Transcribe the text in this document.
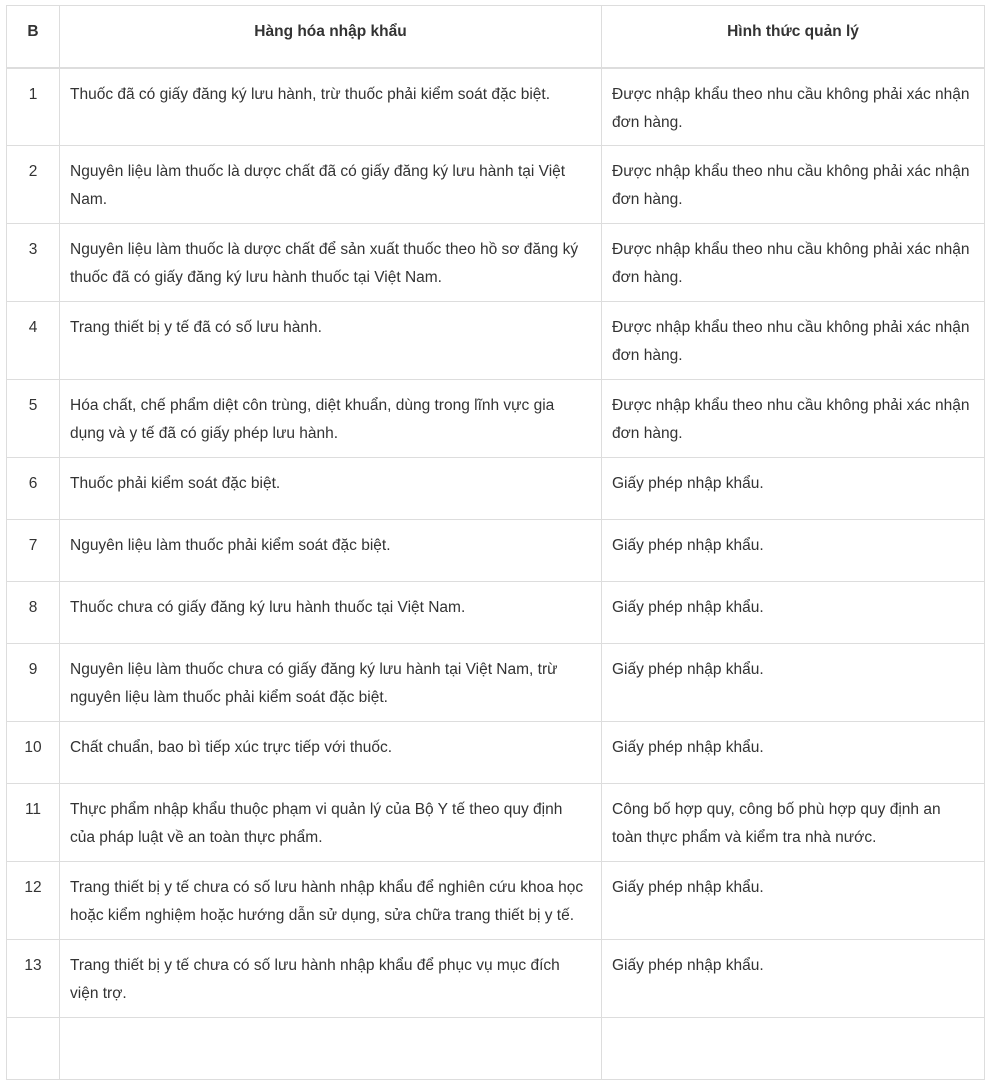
B	Hàng hóa nhập khẩu	Hình thức quản lý
1	Thuốc đã có giấy đăng ký lưu hành, trừ thuốc phải kiểm soát đặc biệt.	Được nhập khẩu theo nhu cầu không phải xác nhận đơn hàng.
2	Nguyên liệu làm thuốc là dược chất đã có giấy đăng ký lưu hành tại Việt Nam.	Được nhập khẩu theo nhu cầu không phải xác nhận đơn hàng.
3	Nguyên liệu làm thuốc là dược chất để sản xuất thuốc theo hồ sơ đăng ký thuốc đã có giấy đăng ký lưu hành thuốc tại Việt Nam.	Được nhập khẩu theo nhu cầu không phải xác nhận đơn hàng.
4	Trang thiết bị y tế đã có số lưu hành.	Được nhập khẩu theo nhu cầu không phải xác nhận đơn hàng.
5	Hóa chất, chế phẩm diệt côn trùng, diệt khuẩn, dùng trong lĩnh vực gia dụng và y tế đã có giấy phép lưu hành.	Được nhập khẩu theo nhu cầu không phải xác nhận đơn hàng.
6	Thuốc phải kiểm soát đặc biệt.	Giấy phép nhập khẩu.
7	Nguyên liệu làm thuốc phải kiểm soát đặc biệt.	Giấy phép nhập khẩu.
8	Thuốc chưa có giấy đăng ký lưu hành thuốc tại Việt Nam.	Giấy phép nhập khẩu.
9	Nguyên liệu làm thuốc chưa có giấy đăng ký lưu hành tại Việt Nam, trừ nguyên liệu làm thuốc phải kiểm soát đặc biệt.	Giấy phép nhập khẩu.
10	Chất chuẩn, bao bì tiếp xúc trực tiếp với thuốc.	Giấy phép nhập khẩu.
11	Thực phẩm nhập khẩu thuộc phạm vi quản lý của Bộ Y tế theo quy định của pháp luật về an toàn thực phẩm.	Công bố hợp quy, công bố phù hợp quy định an toàn thực phẩm và kiểm tra nhà nước.
12	Trang thiết bị y tế chưa có số lưu hành nhập khẩu để nghiên cứu khoa học hoặc kiểm nghiệm hoặc hướng dẫn sử dụng, sửa chữa trang thiết bị y tế.	Giấy phép nhập khẩu.
13	Trang thiết bị y tế chưa có số lưu hành nhập khẩu để phục vụ mục đích viện trợ.	Giấy phép nhập khẩu.
